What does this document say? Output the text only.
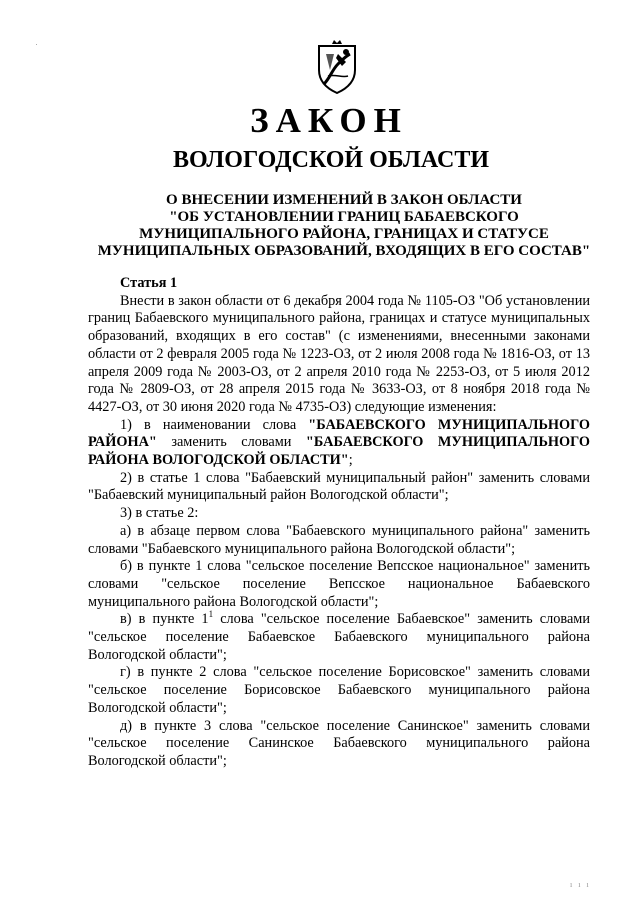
ЗАКОН
ВОЛОГОДСКОЙ ОБЛАСТИ
О ВНЕСЕНИИ ИЗМЕНЕНИЙ В ЗАКОН ОБЛАСТИ
"ОБ УСТАНОВЛЕНИИ ГРАНИЦ БАБАЕВСКОГО
МУНИЦИПАЛЬНОГО РАЙОНА, ГРАНИЦАХ И СТАТУСЕ
МУНИЦИПАЛЬНЫХ ОБРАЗОВАНИЙ, ВХОДЯЩИХ В ЕГО СОСТАВ"

Статья 1

Внести в закон области от 6 декабря 2004 года № 1105-ОЗ "Об установлении границ Бабаевского муниципального района, границах и статусе муниципальных образований, входящих в его состав" (с изменениями, внесенными законами области от 2 февраля 2005 года № 1223-ОЗ, от 2 июля 2008 года № 1816-ОЗ, от 13 апреля 2009 года № 2003-ОЗ, от 2 апреля 2010 года № 2253-ОЗ, от 5 июля 2012 года № 2809-ОЗ, от 28 апреля 2015 года № 3633-ОЗ, от 8 ноября 2018 года № 4427-ОЗ, от 30 июня 2020 года № 4735-ОЗ) следующие изменения:

1) в наименовании слова "БАБАЕВСКОГО МУНИЦИПАЛЬНОГО РАЙОНА" заменить словами "БАБАЕВСКОГО МУНИЦИПАЛЬНОГО РАЙОНА ВОЛОГОДСКОЙ ОБЛАСТИ";

2) в статье 1 слова "Бабаевский муниципальный район" заменить словами "Бабаевский муниципальный район Вологодской области";

3) в статье 2:

а) в абзаце первом слова "Бабаевского муниципального района" заменить словами "Бабаевского муниципального района Вологодской области";

б) в пункте 1 слова "сельское поселение Вепсское национальное" заменить словами "сельское поселение Вепсское национальное Бабаевского муниципального района Вологодской области";

в) в пункте $1^1$ слова "сельское поселение Бабаевское" заменить словами "сельское поселение Бабаевское Бабаевского муниципального района Вологодской области";

г) в пункте 2 слова "сельское поселение Борисовское" заменить словами "сельское поселение Борисовское Бабаевского муниципального района Вологодской области";

д) в пункте 3 слова "сельское поселение Санинское" заменить словами "сельское поселение Санинское Бабаевского муниципального района Вологодской области";

ı ı ı
